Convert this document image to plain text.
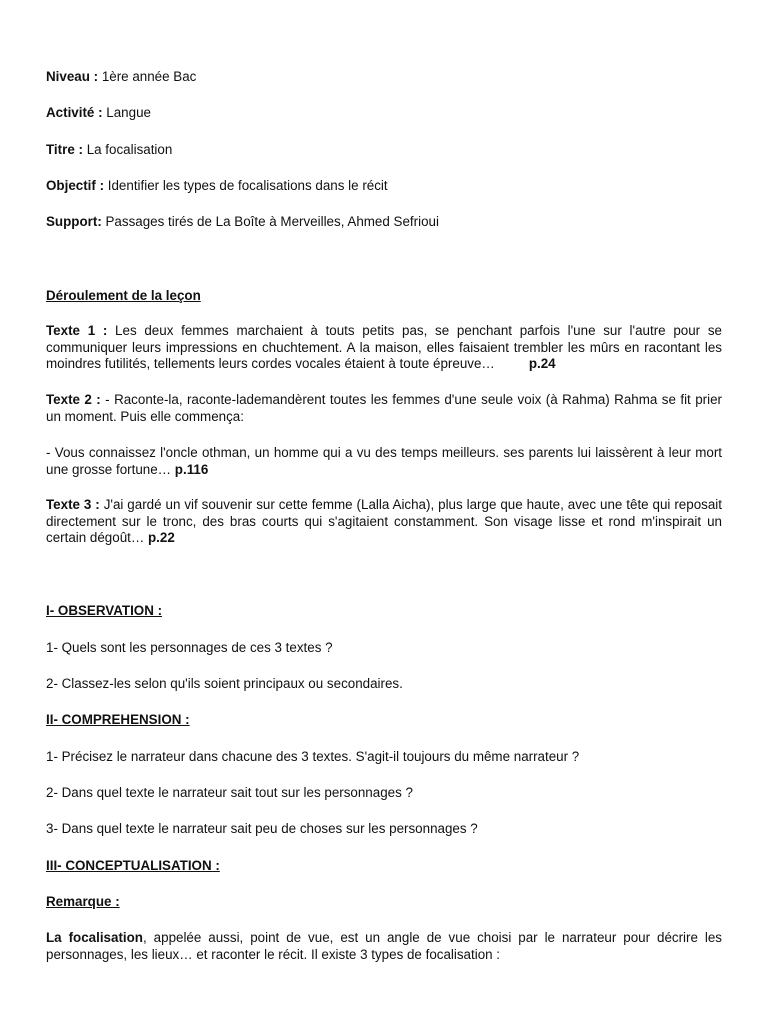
Niveau : 1ère année Bac
Activité : Langue
Titre : La focalisation
Objectif : Identifier les types de focalisations dans le récit
Support: Passages tirés de La Boîte à Merveilles, Ahmed Sefrioui
Déroulement de la leçon
Texte 1 : Les deux femmes marchaient à touts petits pas, se penchant parfois l'une sur l'autre pour se communiquer leurs impressions en chuchtement. A la maison, elles faisaient trembler les mûrs en racontant les moindres futilités, tellements leurs cordes vocales étaient à toute épreuve…	p.24
Texte 2 : - Raconte-la, raconte-lademandèrent toutes les femmes d'une seule voix (à Rahma) Rahma se fit prier un moment. Puis elle commença:
- Vous connaissez l'oncle othman, un homme qui a vu des temps meilleurs. ses parents lui laissèrent à leur mort une grosse fortune… p.116
Texte 3 : J'ai gardé un vif souvenir sur cette femme (Lalla Aicha), plus large que haute, avec une tête qui reposait directement sur le tronc, des bras courts qui s'agitaient constamment. Son visage lisse et rond m'inspirait un certain dégoût… p.22
I- OBSERVATION :
1- Quels sont les personnages de ces 3 textes ?
2- Classez-les selon qu'ils soient principaux ou secondaires.
II- COMPREHENSION :
1- Précisez le narrateur dans chacune des 3 textes. S'agit-il toujours du même narrateur ?
2- Dans quel texte le narrateur sait tout sur les personnages ?
3- Dans quel texte le narrateur sait peu de choses sur les personnages ?
III- CONCEPTUALISATION :
Remarque :
La focalisation, appelée aussi, point de vue, est un angle de vue choisi par le narrateur pour décrire les personnages, les lieux… et raconter le récit. Il existe 3 types de focalisation :
